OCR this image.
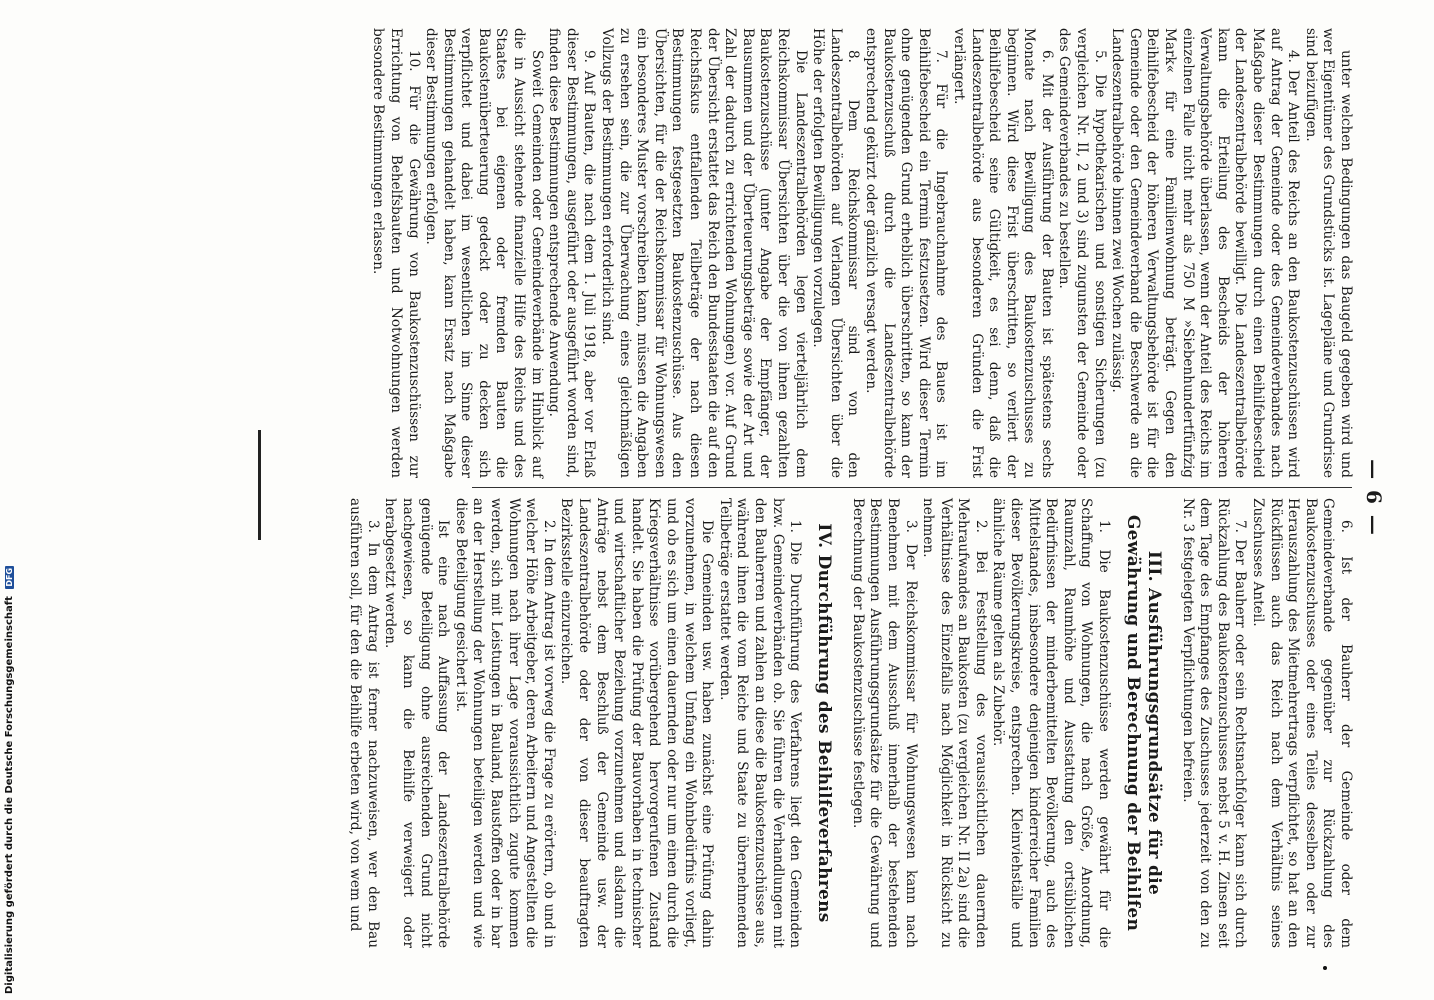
— 6 —

unter welchen Bedingungen das Baugeld gegeben wird und wer Eigentümer des Grundstücks ist. Lagepläne und Grundrisse sind beizufügen.

4. Der Anteil des Reichs an den Baukostenzuschüssen wird auf Antrag der Gemeinde oder des Gemeindeverbandes nach Maßgabe dieser Bestimmungen durch einen Beihilfebescheid der Landeszentralbehörde bewilligt. Die Landeszentralbehörde kann die Erteilung des Bescheids der höheren Verwaltungsbehörde überlassen, wenn der Anteil des Reichs im einzelnen Falle nicht mehr als 750 M »Siebenhundertfünfzig Mark« für eine Familienwohnung beträgt. Gegen den Beihilfebescheid der höheren Verwaltungsbehörde ist für die Gemeinde oder den Gemeindeverband die Beschwerde an die Landeszentralbehörde binnen zwei Wochen zulässig.

5. Die hypothekarischen und sonstigen Sicherungen (zu vergleichen Nr. II, 2 und 3) sind zugunsten der Gemeinde oder des Gemeindeverbandes zu bestellen.

6. Mit der Ausführung der Bauten ist spätestens sechs Monate nach Bewilligung des Baukostenzuschusses zu beginnen. Wird diese Frist überschritten, so verliert der Beihilfebescheid seine Gültigkeit, es sei denn, daß die Landeszentralbehörde aus besonderen Gründen die Frist verlängert.

7. Für die Ingebrauchnahme des Baues ist im Beihilfebescheid ein Termin festzusetzen. Wird dieser Termin ohne genügenden Grund erheblich überschritten, so kann der Baukostenzuschuß durch die Landeszentralbehörde entsprechend gekürzt oder gänzlich versagt werden.

8. Dem Reichskommissar sind von den Landeszentralbehörden auf Verlangen Übersichten über die Höhe der erfolgten Bewilligungen vorzulegen.

Die Landeszentralbehörden legen vierteljährlich dem Reichskommissar Übersichten über die von ihnen gezahlten Baukostenzuschüsse (unter Angabe der Empfänger, der Bausummen und der Überteuerungsbeträge sowie der Art und Zahl der dadurch zu errichtenden Wohnungen) vor. Auf Grund der Übersicht erstattet das Reich den Bundesstaaten die auf den Reichsfiskus entfallenden Teilbeträge der nach diesen Bestimmungen festgesetzten Baukostenzuschüsse. Aus den Übersichten, für die der Reichskommissar für Wohnungswesen ein besonderes Muster vorschreiben kann, müssen die Angaben zu ersehen sein, die zur Überwachung eines gleichmäßigen Vollzugs der Bestimmungen erforderlich sind.

9. Auf Bauten, die nach dem 1. Juli 1918, aber vor Erlaß dieser Bestimmungen, ausgeführt oder ausgeführt worden sind, finden diese Bestimmungen entsprechende Anwendung.

Soweit Gemeinden oder Gemeindeverbände im Hinblick auf die in Aussicht stehende finanzielle Hilfe des Reichs und des Staates bei eigenen oder fremden Bauten die Baukostenüberteuerung gedeckt oder zu decken sich verpflichtet und dabei im wesentlichen im Sinne dieser Bestimmungen gehandelt haben, kann Ersatz nach Maßgabe dieser Bestimmungen erfolgen.

10. Für die Gewährung von Baukostenzuschüssen zur Errichtung von Behelfsbauten und Notwohnungen werden besondere Bestimmungen erlassen.

6. Ist der Bauherr der Gemeinde oder dem Gemeindeverbande gegenüber zur Rückzahlung des Baukostenzuschusses oder eines Teiles desselben oder zur Herauszahlung des Mietmehrertrags verpflichtet, so hat an den Rückflüssen auch das Reich nach dem Verhältnis seines Zuschusses Anteil.

7. Der Bauherr oder sein Rechtsnachfolger kann sich durch Rückzahlung des Baukostenzuschusses nebst 5 v. H. Zinsen seit dem Tage des Empfanges des Zuschusses jederzeit von den zu Nr. 3 festgelegten Verpflichtungen befreien.

III. Ausführungsgrundsätze für die Gewährung und Berechnung der Beihilfen

1. Die Baukostenzuschüsse werden gewährt für die Schaffung von Wohnungen, die nach Größe, Anordnung, Raumzahl, Raumhöhe und Ausstattung den ortsüblichen Bedürfnissen der minderbemittelten Bevölkerung, auch des Mittelstandes, insbesondere denjenigen kinderreicher Familien dieser Bevölkerungskreise, entsprechen. Kleinviehställe und ähnliche Räume gelten als Zubehör.

2. Bei Feststellung des voraussichtlichen dauernden Mehraufwandes an Baukosten (zu vergleichen Nr. II 2a) sind die Verhältnisse des Einzelfalls nach Möglichkeit in Rücksicht zu nehmen.

3. Der Reichskommissar für Wohnungswesen kann nach Benehmen mit dem Ausschuß innerhalb der bestehenden Bestimmungen Ausführungsgrundsätze für die Gewährung und Berechnung der Baukostenzuschüsse festlegen.

IV. Durchführung des Beihilfeverfahrens

1. Die Durchführung des Verfahrens liegt den Gemeinden bzw. Gemeindeverbänden ob. Sie führen die Verhandlungen mit den Bauherren und zahlen an diese die Baukostenzuschüsse aus, während ihnen die vom Reiche und Staate zu übernehmenden Teilbeträge erstattet werden.

Die Gemeinden usw. haben zunächst eine Prüfung dahin vorzunehmen, in welchem Umfang ein Wohnbedürfnis vorliegt, und ob es sich um einen dauernden oder nur um einen durch die Kriegsverhältnisse vorübergehend hervorgerufenen Zustand handelt. Sie haben die Prüfung der Bauvorhaben in technischer und wirtschaftlicher Beziehung vorzunehmen und alsdann die Anträge nebst dem Beschluß der Gemeinde usw. der Landeszentralbehörde oder der von dieser beauftragten Bezirksstelle einzureichen.

2. In dem Antrag ist vorweg die Frage zu erörtern, ob und in welcher Höhe Arbeitgeber, deren Arbeitern und Angestellten die Wohnungen nach ihrer Lage voraussichtlich zugute kommen werden, sich mit Leistungen in Bauland, Baustoffen oder in bar an der Herstellung der Wohnungen beteiligen werden und wie diese Beteiligung gesichert ist.

Ist eine nach Auffassung der Landeszentralbehörde genügende Beteiligung ohne ausreichenden Grund nicht nachgewiesen, so kann die Beihilfe verweigert oder herabgesetzt werden.

3. In dem Antrag ist ferner nachzuweisen, wer den Bau ausführen soll, für den die Beihilfe erbeten wird, von wem und

Digitalisierung gefördert durch die Deutsche Forschungsgemeinschaft DFG
